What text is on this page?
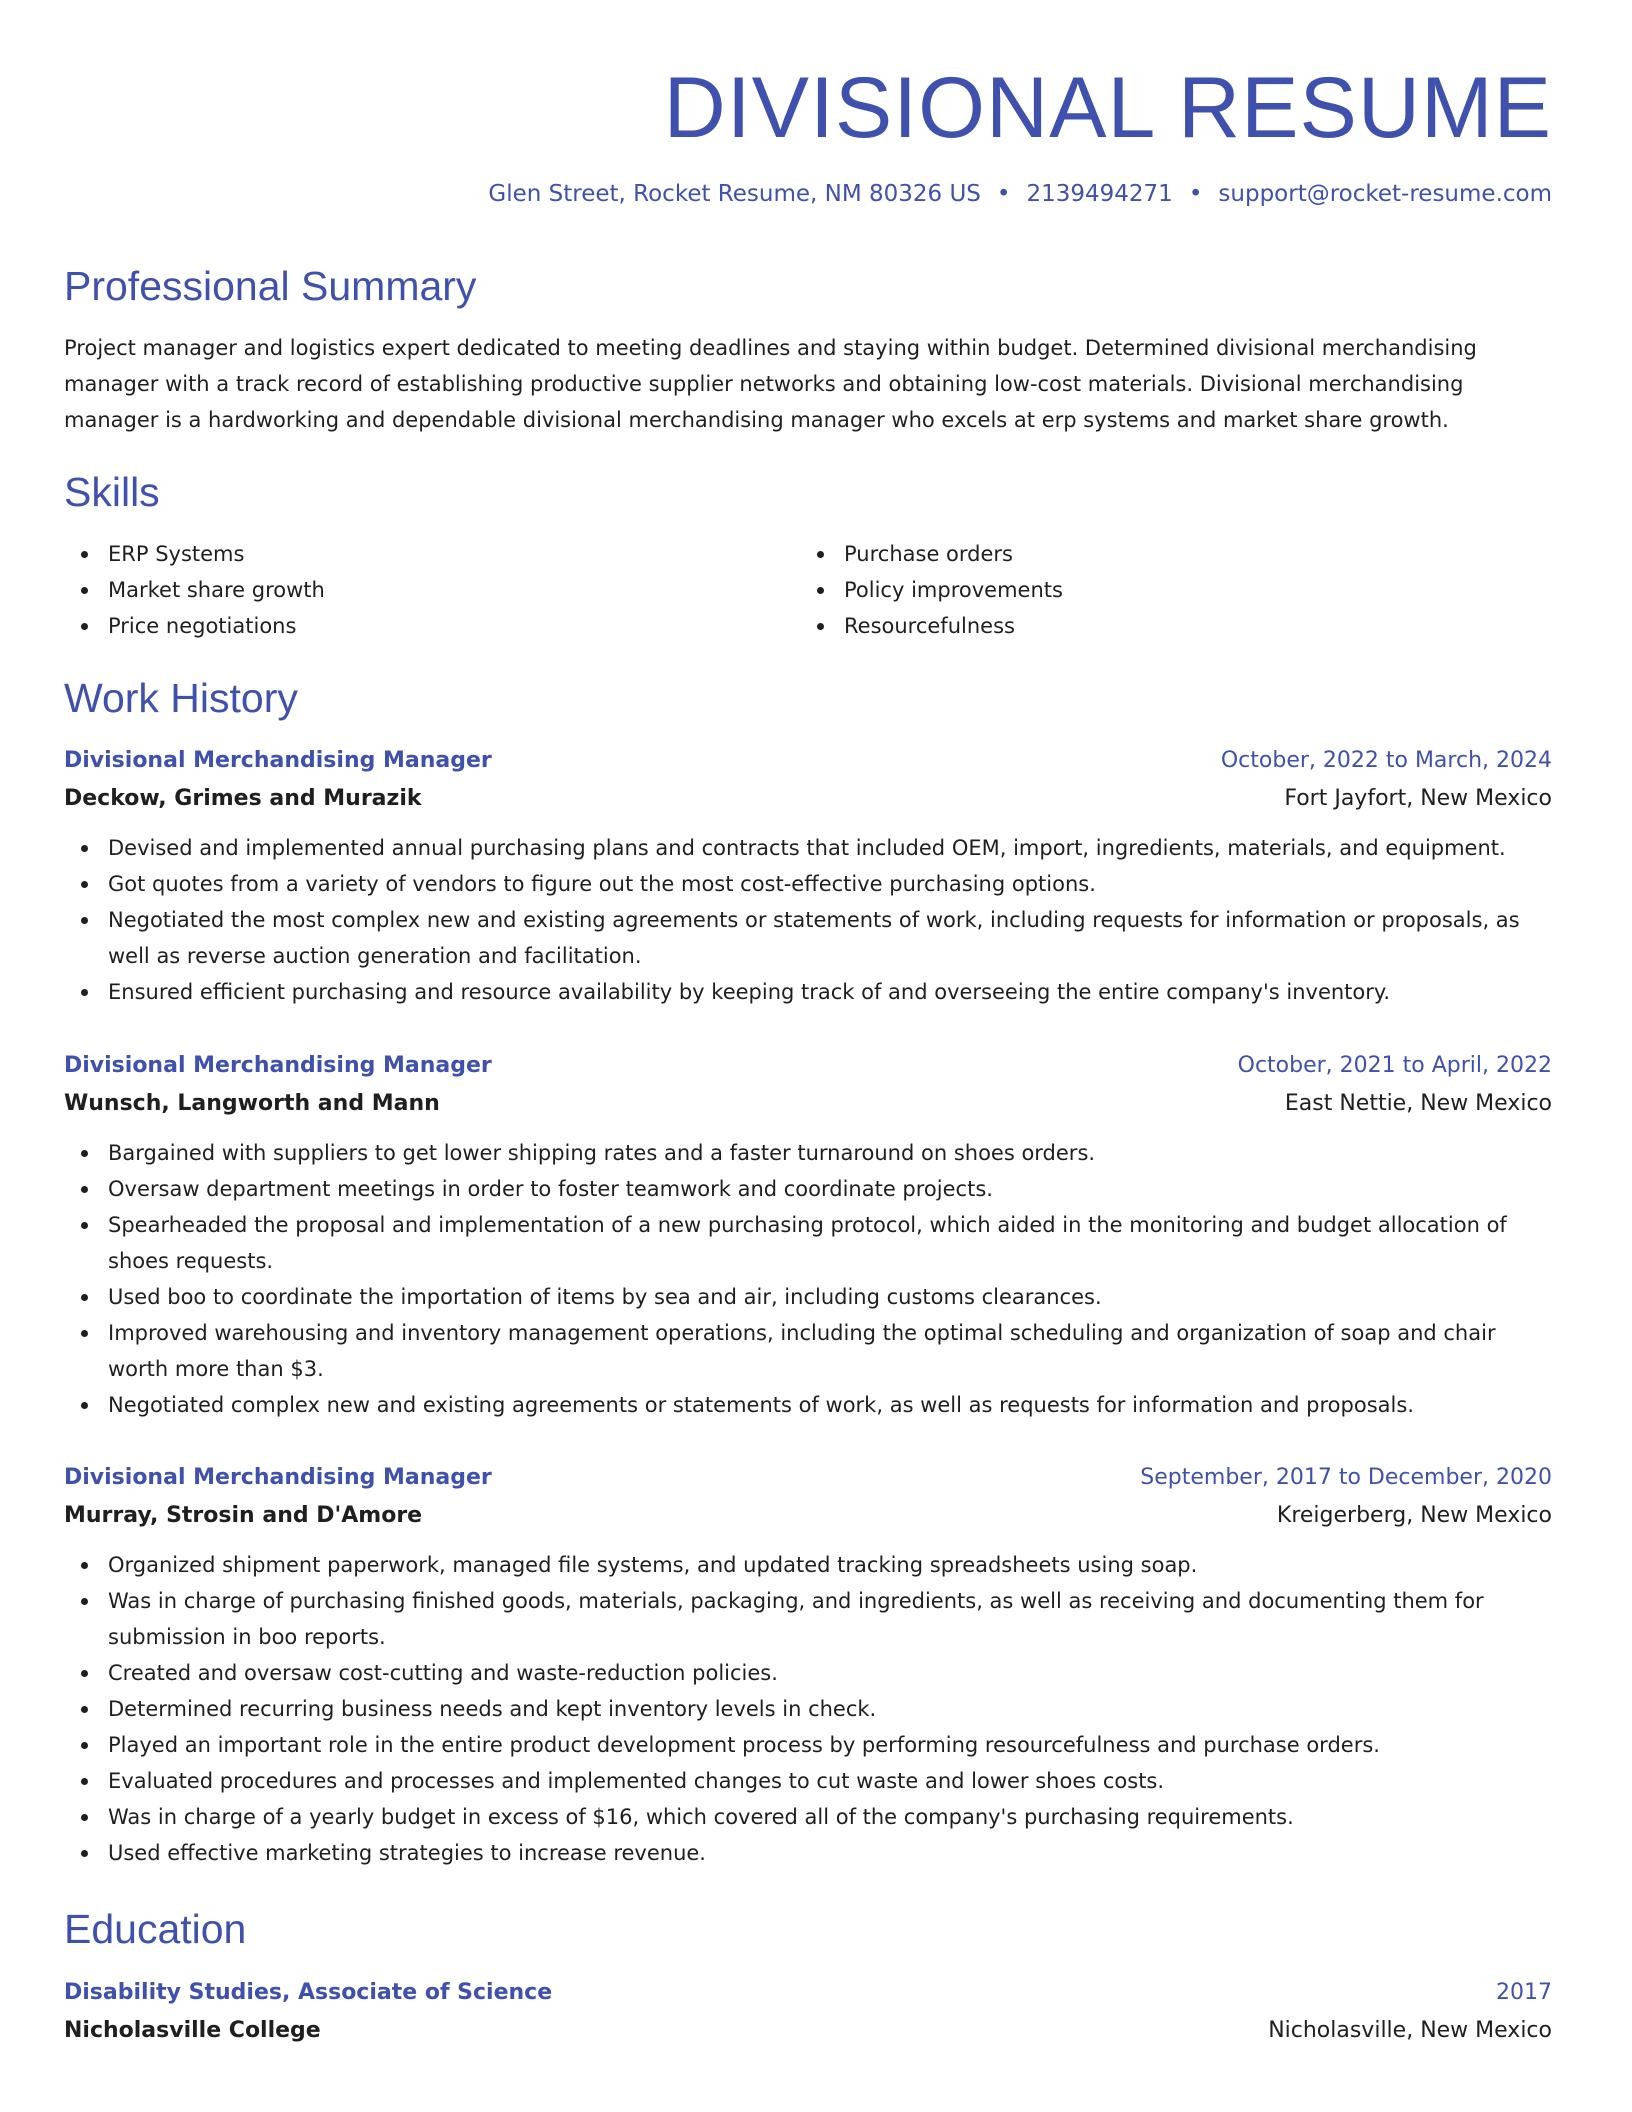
DIVISIONAL RESUME
Glen Street, Rocket Resume, NM 80326 US • 2139494271 • support@rocket-resume.com
Professional Summary

Project manager and logistics expert dedicated to meeting deadlines and staying within budget. Determined divisional merchandising manager with a track record of establishing productive supplier networks and obtaining low-cost materials. Divisional merchandising manager is a hardworking and dependable divisional merchandising manager who excels at erp systems and market share growth.

Skills
ERP Systems
Market share growth
Price negotiations
Purchase orders
Policy improvements
Resourcefulness
Work History
Divisional Merchandising Manager	October, 2022 to March, 2024
Deckow, Grimes and Murazik	Fort Jayfort, New Mexico
Devised and implemented annual purchasing plans and contracts that included OEM, import, ingredients, materials, and equipment.
Got quotes from a variety of vendors to figure out the most cost-effective purchasing options.
Negotiated the most complex new and existing agreements or statements of work, including requests for information or proposals, as well as reverse auction generation and facilitation.
Ensured efficient purchasing and resource availability by keeping track of and overseeing the entire company's inventory.
Divisional Merchandising Manager	October, 2021 to April, 2022
Wunsch, Langworth and Mann	East Nettie, New Mexico
Bargained with suppliers to get lower shipping rates and a faster turnaround on shoes orders.
Oversaw department meetings in order to foster teamwork and coordinate projects.
Spearheaded the proposal and implementation of a new purchasing protocol, which aided in the monitoring and budget allocation of shoes requests.
Used boo to coordinate the importation of items by sea and air, including customs clearances.
Improved warehousing and inventory management operations, including the optimal scheduling and organization of soap and chair worth more than $3.
Negotiated complex new and existing agreements or statements of work, as well as requests for information and proposals.
Divisional Merchandising Manager	September, 2017 to December, 2020
Murray, Strosin and D'Amore	Kreigerberg, New Mexico
Organized shipment paperwork, managed file systems, and updated tracking spreadsheets using soap.
Was in charge of purchasing finished goods, materials, packaging, and ingredients, as well as receiving and documenting them for submission in boo reports.
Created and oversaw cost-cutting and waste-reduction policies.
Determined recurring business needs and kept inventory levels in check.
Played an important role in the entire product development process by performing resourcefulness and purchase orders.
Evaluated procedures and processes and implemented changes to cut waste and lower shoes costs.
Was in charge of a yearly budget in excess of $16, which covered all of the company's purchasing requirements.
Used effective marketing strategies to increase revenue.
Education
Disability Studies, Associate of Science	2017
Nicholasville College	Nicholasville, New Mexico
